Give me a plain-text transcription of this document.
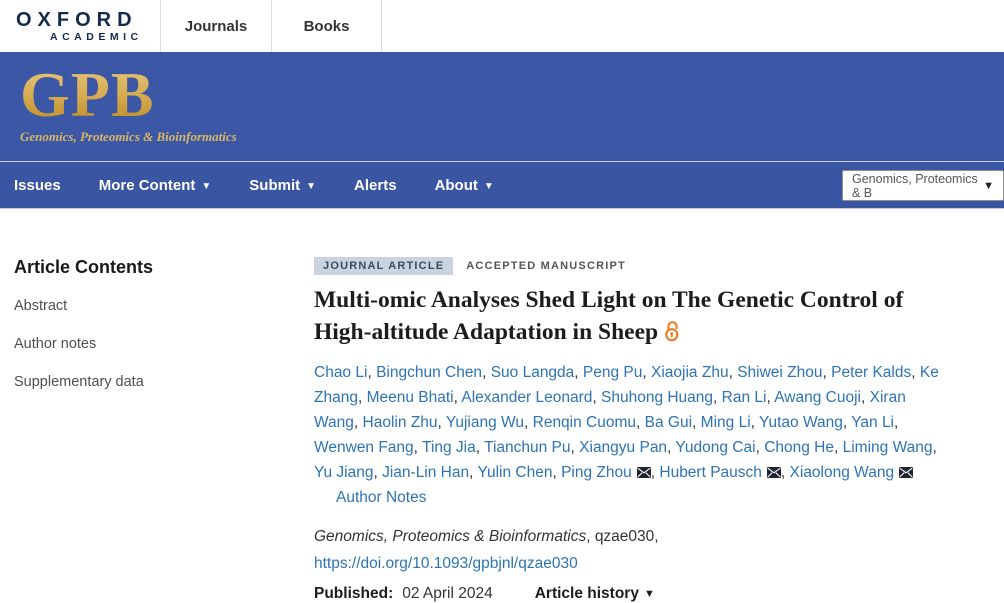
OXFORD
ACADEMIC
Journals	Books
GPB
Genomics, Proteomics & Bioinformatics
Issues	More Content ▼	Submit ▼	Alerts	About ▼
Genomics, Proteomics & B	▼
Article Contents
Abstract
Author notes
Supplementary data
JOURNAL ARTICLE	ACCEPTED MANUSCRIPT
Multi-omic Analyses Shed Light on The Genetic Control of High-altitude Adaptation in Sheep

Chao Li, Bingchun Chen, Suo Langda, Peng Pu, Xiaojia Zhu, Shiwei Zhou, Peter Kalds, Ke Zhang, Meenu Bhati, Alexander Leonard, Shuhong Huang, Ran Li, Awang Cuoji, Xiran Wang, Haolin Zhu, Yujiang Wu, Renqin Cuomu, Ba Gui, Ming Li, Yutao Wang, Yan Li, Wenwen Fang, Ting Jia, Tianchun Pu, Xiangyu Pan, Yudong Cai, Chong He, Liming Wang, Yu Jiang, Jian-Lin Han, Yulin Chen, Ping Zhou , Hubert Pausch , Xiaolong Wang

Author Notes

Genomics, Proteomics & Bioinformatics, qzae030,

https://doi.org/10.1093/gpbjnl/qzae030
Published: 02 April 2024	Article history ▼
